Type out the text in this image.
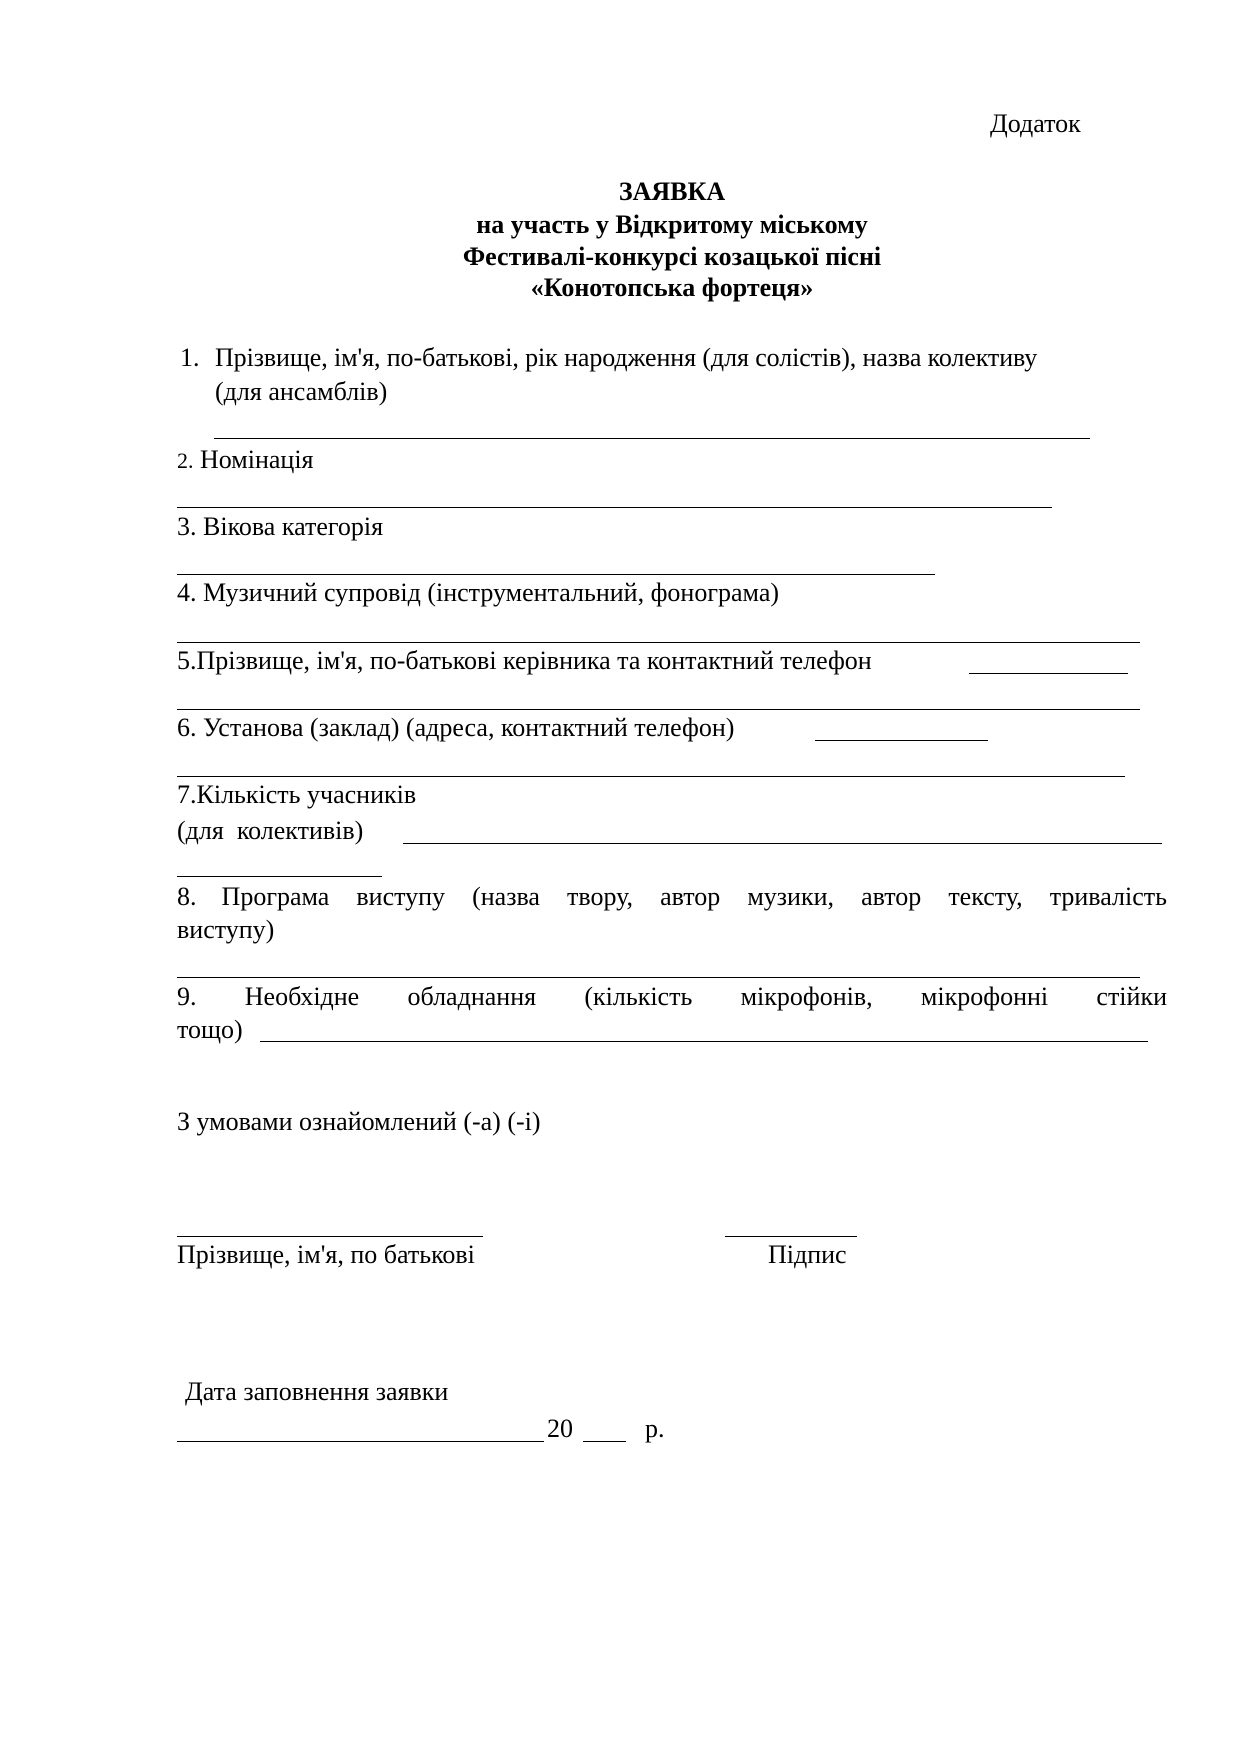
Додаток
ЗАЯВКА
на участь у Відкритому міському
Фестивалі-конкурсі козацької пісні
«Конотопська фортеця»
1. Прізвище, ім'я, по-батькові, рік народження (для солістів), назва колективу
(для ансамблів)
2. Номінація
3. Вікова категорія
4. Музичний супровід (інструментальний, фонограма)
5.Прізвище, ім'я, по-батькові керівника та контактний телефон
6. Установа (заклад) (адреса, контактний телефон)
7.Кількість учасників
(для  колективів)
8. Програма виступу (назва твору, автор музики, автор тексту, тривалість
виступу)
9. Необхідне обладнання (кількість мікрофонів, мікрофонні стійки
тощо)
З умовами ознайомлений (-а) (-і)
Прізвище, ім'я, по батькові	Підпис
Дата заповнення заявки
20	р.
